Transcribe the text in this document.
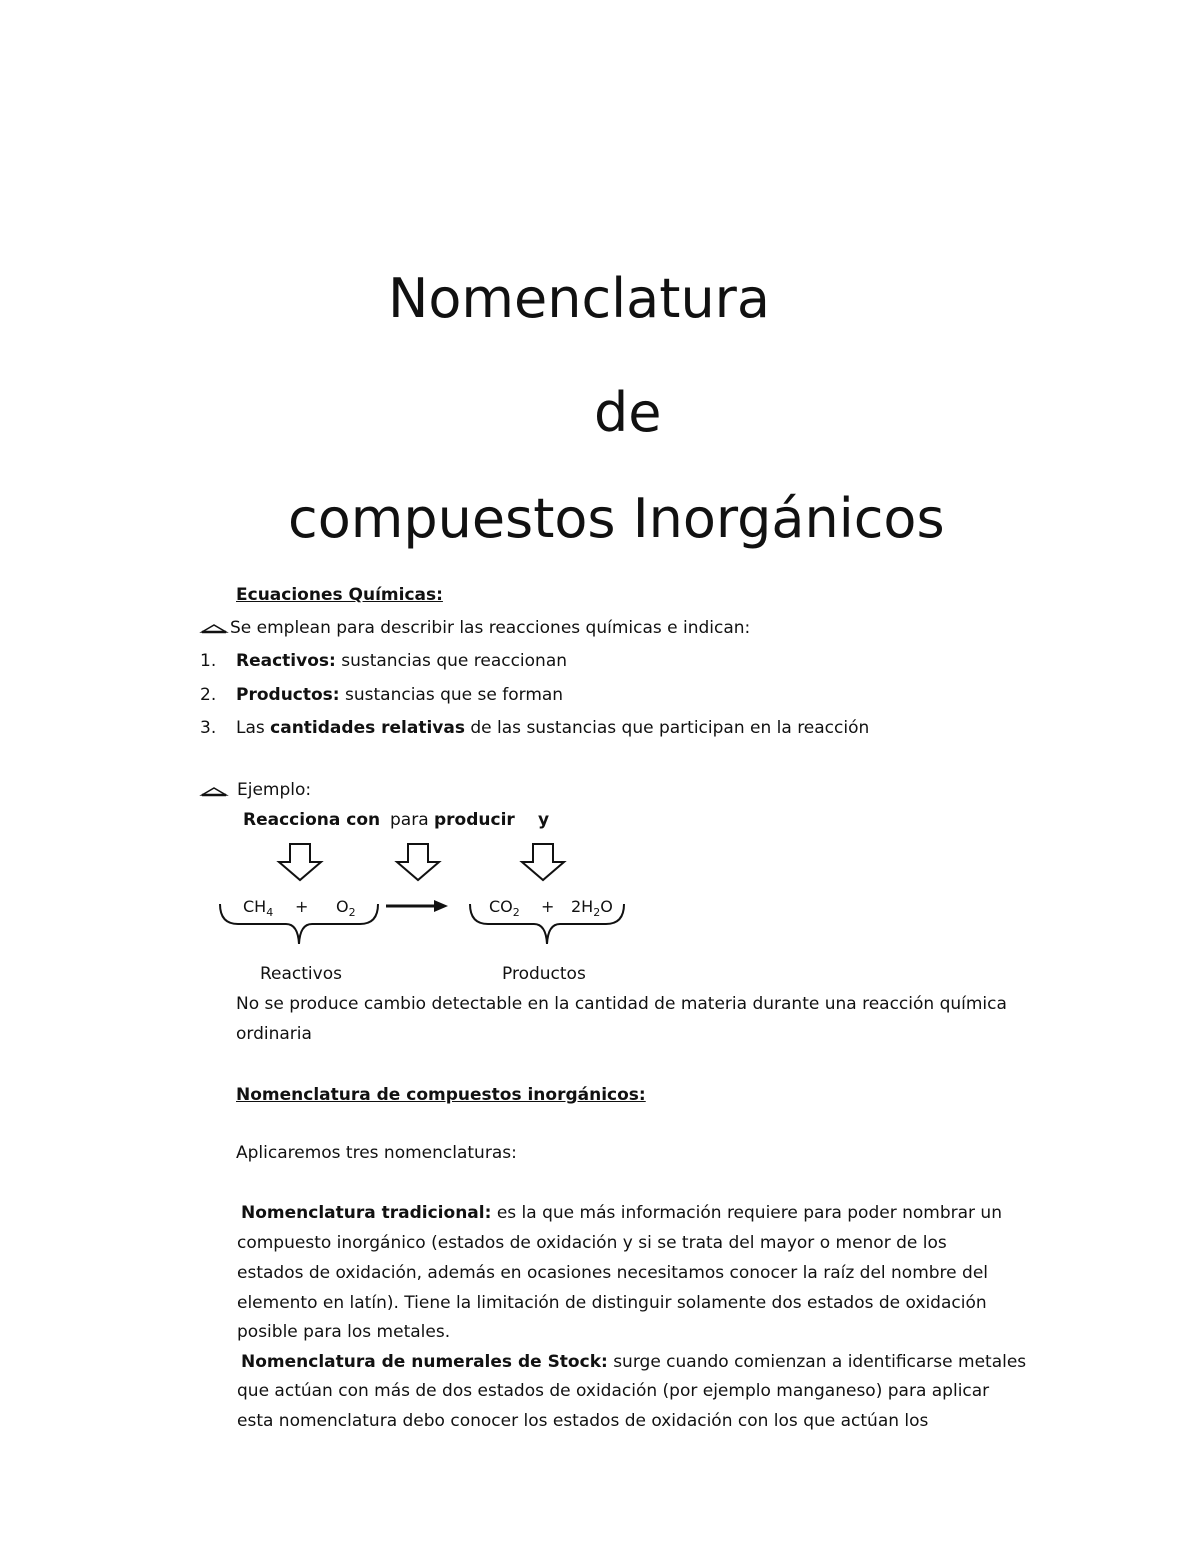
Nomenclatura
de
compuestos Inorgánicos
Ecuaciones Químicas:
Se emplean para describir las reacciones químicas e indican:
1. Reactivos: sustancias que reaccionan
2. Productos: sustancias que se forman
3. Las cantidades relativas de las sustancias que participan en la reacción
Ejemplo:
Reacciona con para producir y
$CH_4 + O_2$	$CO_2 + 2H_2O$
Reactivos	Productos
No se produce cambio detectable en la cantidad de materia durante una reacción química
ordinaria
Nomenclatura de compuestos inorgánicos:
Aplicaremos tres nomenclaturas:
Nomenclatura tradicional: es la que más información requiere para poder nombrar un
compuesto inorgánico (estados de oxidación y si se trata del mayor o menor de los
estados de oxidación, además en ocasiones necesitamos conocer la raíz del nombre del
elemento en latín). Tiene la limitación de distinguir solamente dos estados de oxidación
posible para los metales.
Nomenclatura de numerales de Stock: surge cuando comienzan a identificarse metales
que actúan con más de dos estados de oxidación (por ejemplo manganeso) para aplicar
esta nomenclatura debo conocer los estados de oxidación con los que actúan los
